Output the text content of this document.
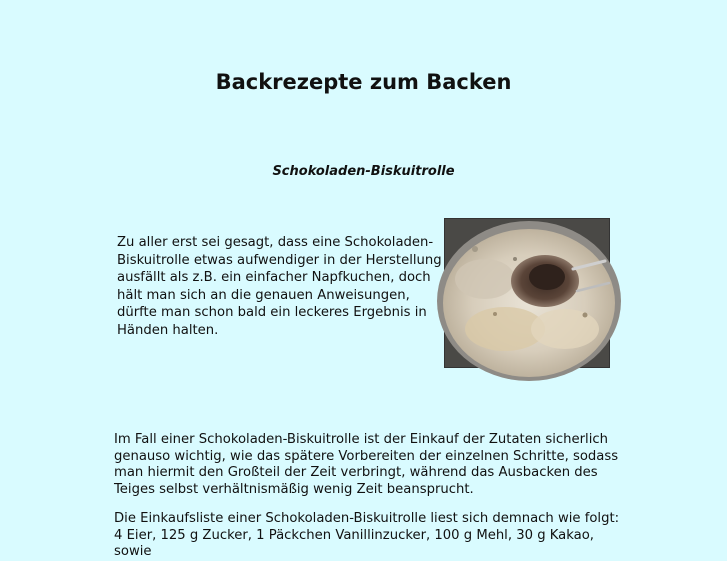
Backrezepte zum Backen
Schokoladen-Biskuitrolle

Zu aller erst sei gesagt, dass eine Schokoladen-Biskuitrolle etwas aufwendiger in der Herstellung ausfällt als z.B. ein einfacher Napfkuchen, doch hält man sich an die genauen Anweisungen, dürfte man schon bald ein leckeres Ergebnis in Händen halten.

Im Fall einer Schokoladen-Biskuitrolle ist der Einkauf der Zutaten sicherlich genauso wichtig, wie das spätere Vorbereiten der einzelnen Schritte, sodass man hiermit den Großteil der Zeit verbringt, während das Ausbacken des Teiges selbst verhältnismäßig wenig Zeit beansprucht.

Die Einkaufsliste einer Schokoladen-Biskuitrolle liest sich demnach wie folgt: 4 Eier, 125 g Zucker, 1 Päckchen Vanillinzucker, 100 g Mehl, 30 g Kakao, sowie
